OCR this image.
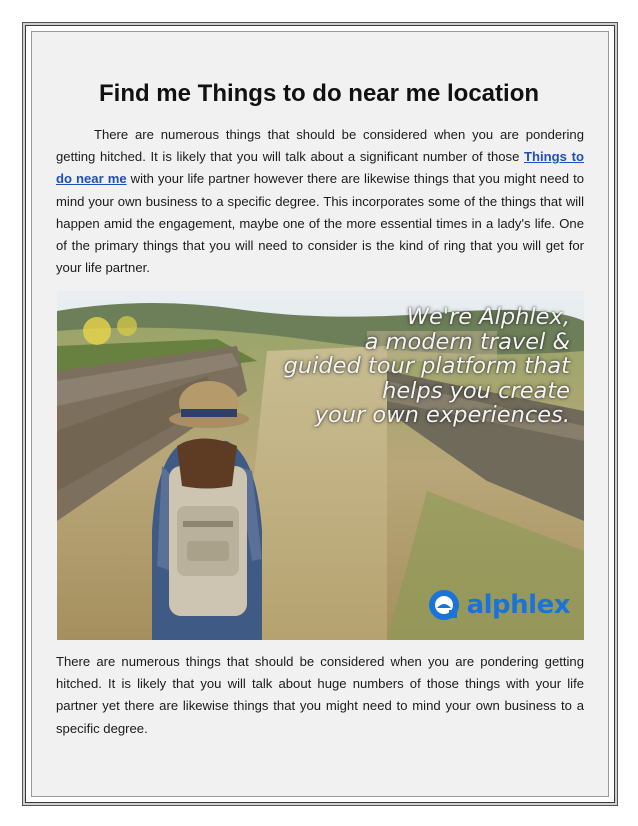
Find me Things to do near me location

There are numerous things that should be considered when you are pondering getting hitched. It is likely that you will talk about a significant number of those Things to do near me with your life partner however there are likewise things that you might need to mind your own business to a specific degree. This incorporates some of the things that will happen amid the engagement, maybe one of the more essential times in a lady's life. One of the primary things that you will need to consider is the kind of ring that you will get for your life partner.

We're Alphlex,
a modern travel &
guided tour platform that
helps you create
your own experiences.
alphlex

There are numerous things that should be considered when you are pondering getting hitched. It is likely that you will talk about huge numbers of those things with your life partner yet there are likewise things that you might need to mind your own business to a specific degree.
